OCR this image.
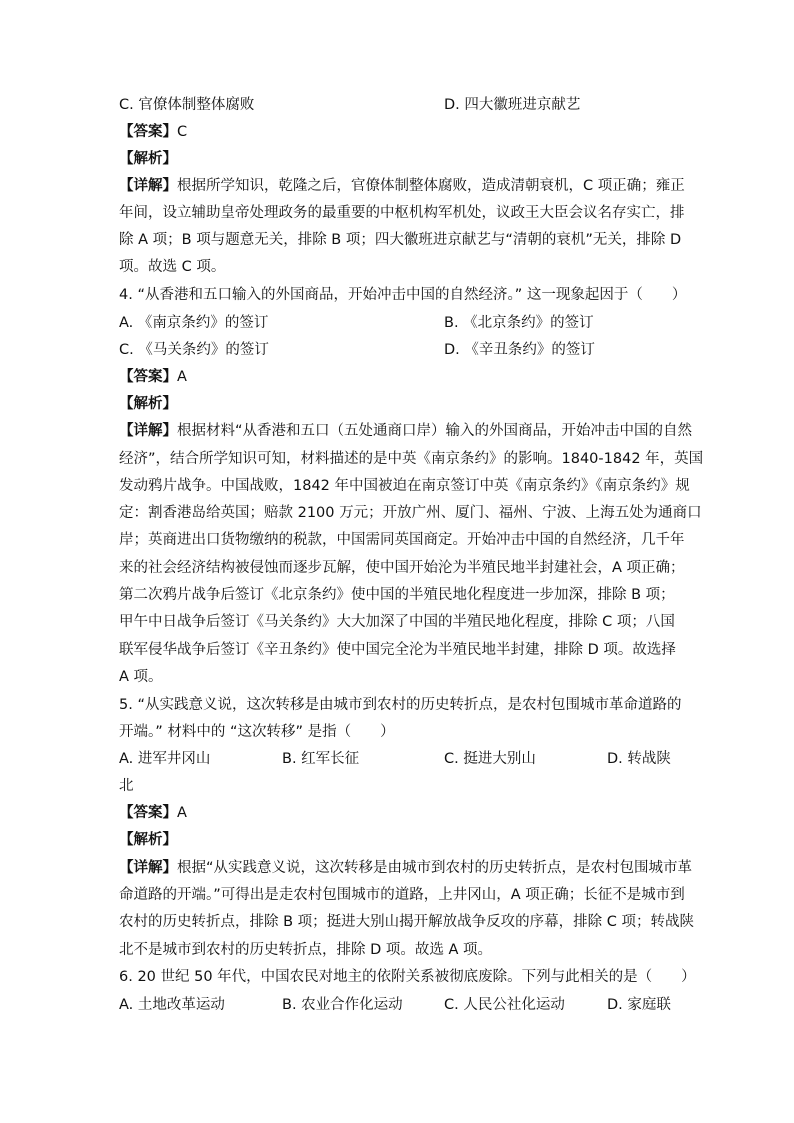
C. 官僚体制整体腐败	D. 四大徽班进京献艺
【答案】C
【解析】
【详解】根据所学知识，乾隆之后，官僚体制整体腐败，造成清朝衰机，C 项正确；雍正
年间，设立辅助皇帝处理政务的最重要的中枢机构军机处，议政王大臣会议名存实亡，排
除 A 项；B 项与题意无关，排除 B 项；四大徽班进京献艺与“清朝的衰机”无关，排除 D
项。故选 C 项。
4. “从香港和五口输入的外国商品，开始冲击中国的自然经济。” 这一现象起因于（　　）
A. 《南京条约》的签订	B. 《北京条约》的签订
C. 《马关条约》的签订	D. 《辛丑条约》的签订
【答案】A
【解析】
【详解】根据材料“从香港和五口（五处通商口岸）输入的外国商品，开始冲击中国的自然
经济”，结合所学知识可知，材料描述的是中英《南京条约》的影响。1840-1842 年，英国
发动鸦片战争。中国战败，1842 年中国被迫在南京签订中英《南京条约》《南京条约》规
定：割香港岛给英国；赔款 2100 万元；开放广州、厦门、福州、宁波、上海五处为通商口
岸；英商进出口货物缴纳的税款，中国需同英国商定。开始冲击中国的自然经济，几千年
来的社会经济结构被侵蚀而逐步瓦解，使中国开始沦为半殖民地半封建社会，A 项正确；
第二次鸦片战争后签订《北京条约》使中国的半殖民地化程度进一步加深，排除 B 项；
甲午中日战争后签订《马关条约》大大加深了中国的半殖民地化程度，排除 C 项；八国
联军侵华战争后签订《辛丑条约》使中国完全沦为半殖民地半封建，排除 D 项。故选择
A 项。
5. “从实践意义说，这次转移是由城市到农村的历史转折点，是农村包围城市革命道路的
开端。” 材料中的 “这次转移” 是指（　　）
A. 进军井冈山	B. 红军长征	C. 挺进大别山	D. 转战陕
北
【答案】A
【解析】
【详解】根据“从实践意义说，这次转移是由城市到农村的历史转折点，是农村包围城市革
命道路的开端。”可得出是走农村包围城市的道路，上井冈山，A 项正确；长征不是城市到
农村的历史转折点，排除 B 项；挺进大别山揭开解放战争反攻的序幕，排除 C 项；转战陕
北不是城市到农村的历史转折点，排除 D 项。故选 A 项。
6. 20 世纪 50 年代，中国农民对地主的依附关系被彻底废除。下列与此相关的是（　　）
A. 土地改革运动	B. 农业合作化运动	C. 人民公社化运动	D. 家庭联
